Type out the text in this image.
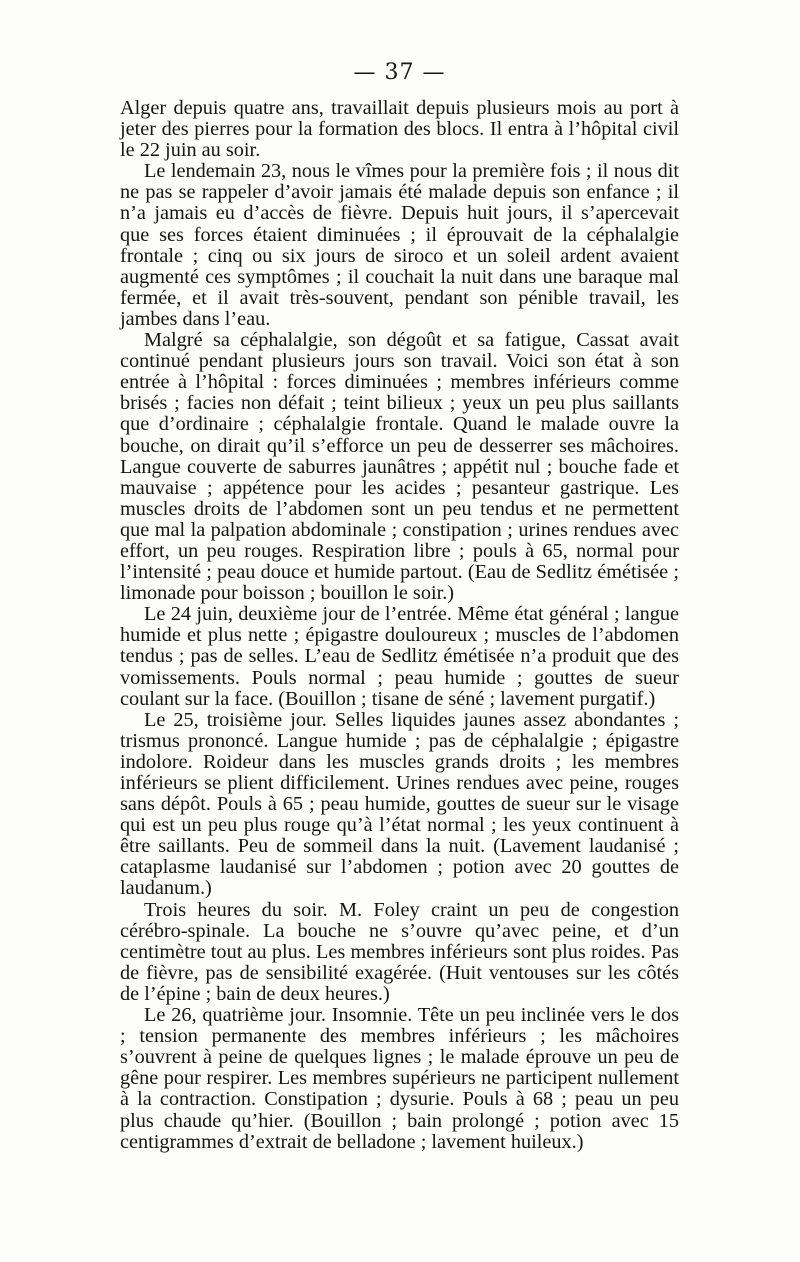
— 37 —

Alger depuis quatre ans, travaillait depuis plusieurs mois au port à jeter des pierres pour la formation des blocs. Il entra à l’hôpital civil le 22 juin au soir.

Le lendemain 23, nous le vîmes pour la première fois ; il nous dit ne pas se rappeler d’avoir jamais été malade depuis son enfance ; il n’a jamais eu d’accès de fièvre. Depuis huit jours, il s’apercevait que ses forces étaient diminuées ; il éprouvait de la céphalalgie frontale ; cinq ou six jours de siroco et un soleil ardent avaient augmenté ces symptômes ; il couchait la nuit dans une baraque mal fermée, et il avait très-souvent, pendant son pénible travail, les jambes dans l’eau.

Malgré sa céphalalgie, son dégoût et sa fatigue, Cassat avait continué pendant plusieurs jours son travail. Voici son état à son entrée à l’hôpital : forces diminuées ; membres inférieurs comme brisés ; facies non défait ; teint bilieux ; yeux un peu plus saillants que d’ordinaire ; céphalalgie frontale. Quand le malade ouvre la bouche, on dirait qu’il s’efforce un peu de desserrer ses mâchoires. Langue couverte de saburres jaunâtres ; appétit nul ; bouche fade et mauvaise ; appétence pour les acides ; pesanteur gastrique. Les muscles droits de l’abdomen sont un peu tendus et ne permettent que mal la palpation abdominale ; constipation ; urines rendues avec effort, un peu rouges. Respiration libre ; pouls à 65, normal pour l’intensité ; peau douce et humide partout. (Eau de Sedlitz émétisée ; limonade pour boisson ; bouillon le soir.)

Le 24 juin, deuxième jour de l’entrée. Même état général ; langue humide et plus nette ; épigastre douloureux ; muscles de l’abdomen tendus ; pas de selles. L’eau de Sedlitz émétisée n’a produit que des vomissements. Pouls normal ; peau humide ; gouttes de sueur coulant sur la face. (Bouillon ; tisane de séné ; lavement purgatif.)

Le 25, troisième jour. Selles liquides jaunes assez abondantes ; trismus prononcé. Langue humide ; pas de céphalalgie ; épigastre indolore. Roideur dans les muscles grands droits ; les membres inférieurs se plient difficilement. Urines rendues avec peine, rouges sans dépôt. Pouls à 65 ; peau humide, gouttes de sueur sur le visage qui est un peu plus rouge qu’à l’état normal ; les yeux continuent à être saillants. Peu de sommeil dans la nuit. (Lavement laudanisé ; cataplasme laudanisé sur l’abdomen ; potion avec 20 gouttes de laudanum.)

Trois heures du soir. M. Foley craint un peu de congestion cérébro-spinale. La bouche ne s’ouvre qu’avec peine, et d’un centimètre tout au plus. Les membres inférieurs sont plus roides. Pas de fièvre, pas de sensibilité exagérée. (Huit ventouses sur les côtés de l’épine ; bain de deux heures.)

Le 26, quatrième jour. Insomnie. Tête un peu inclinée vers le dos ; tension permanente des membres inférieurs ; les mâchoires s’ouvrent à peine de quelques lignes ; le malade éprouve un peu de gêne pour respirer. Les membres supérieurs ne participent nullement à la contraction. Constipation ; dysurie. Pouls à 68 ; peau un peu plus chaude qu’hier. (Bouillon ; bain prolongé ; potion avec 15 centigrammes d’extrait de belladone ; lavement huileux.)
